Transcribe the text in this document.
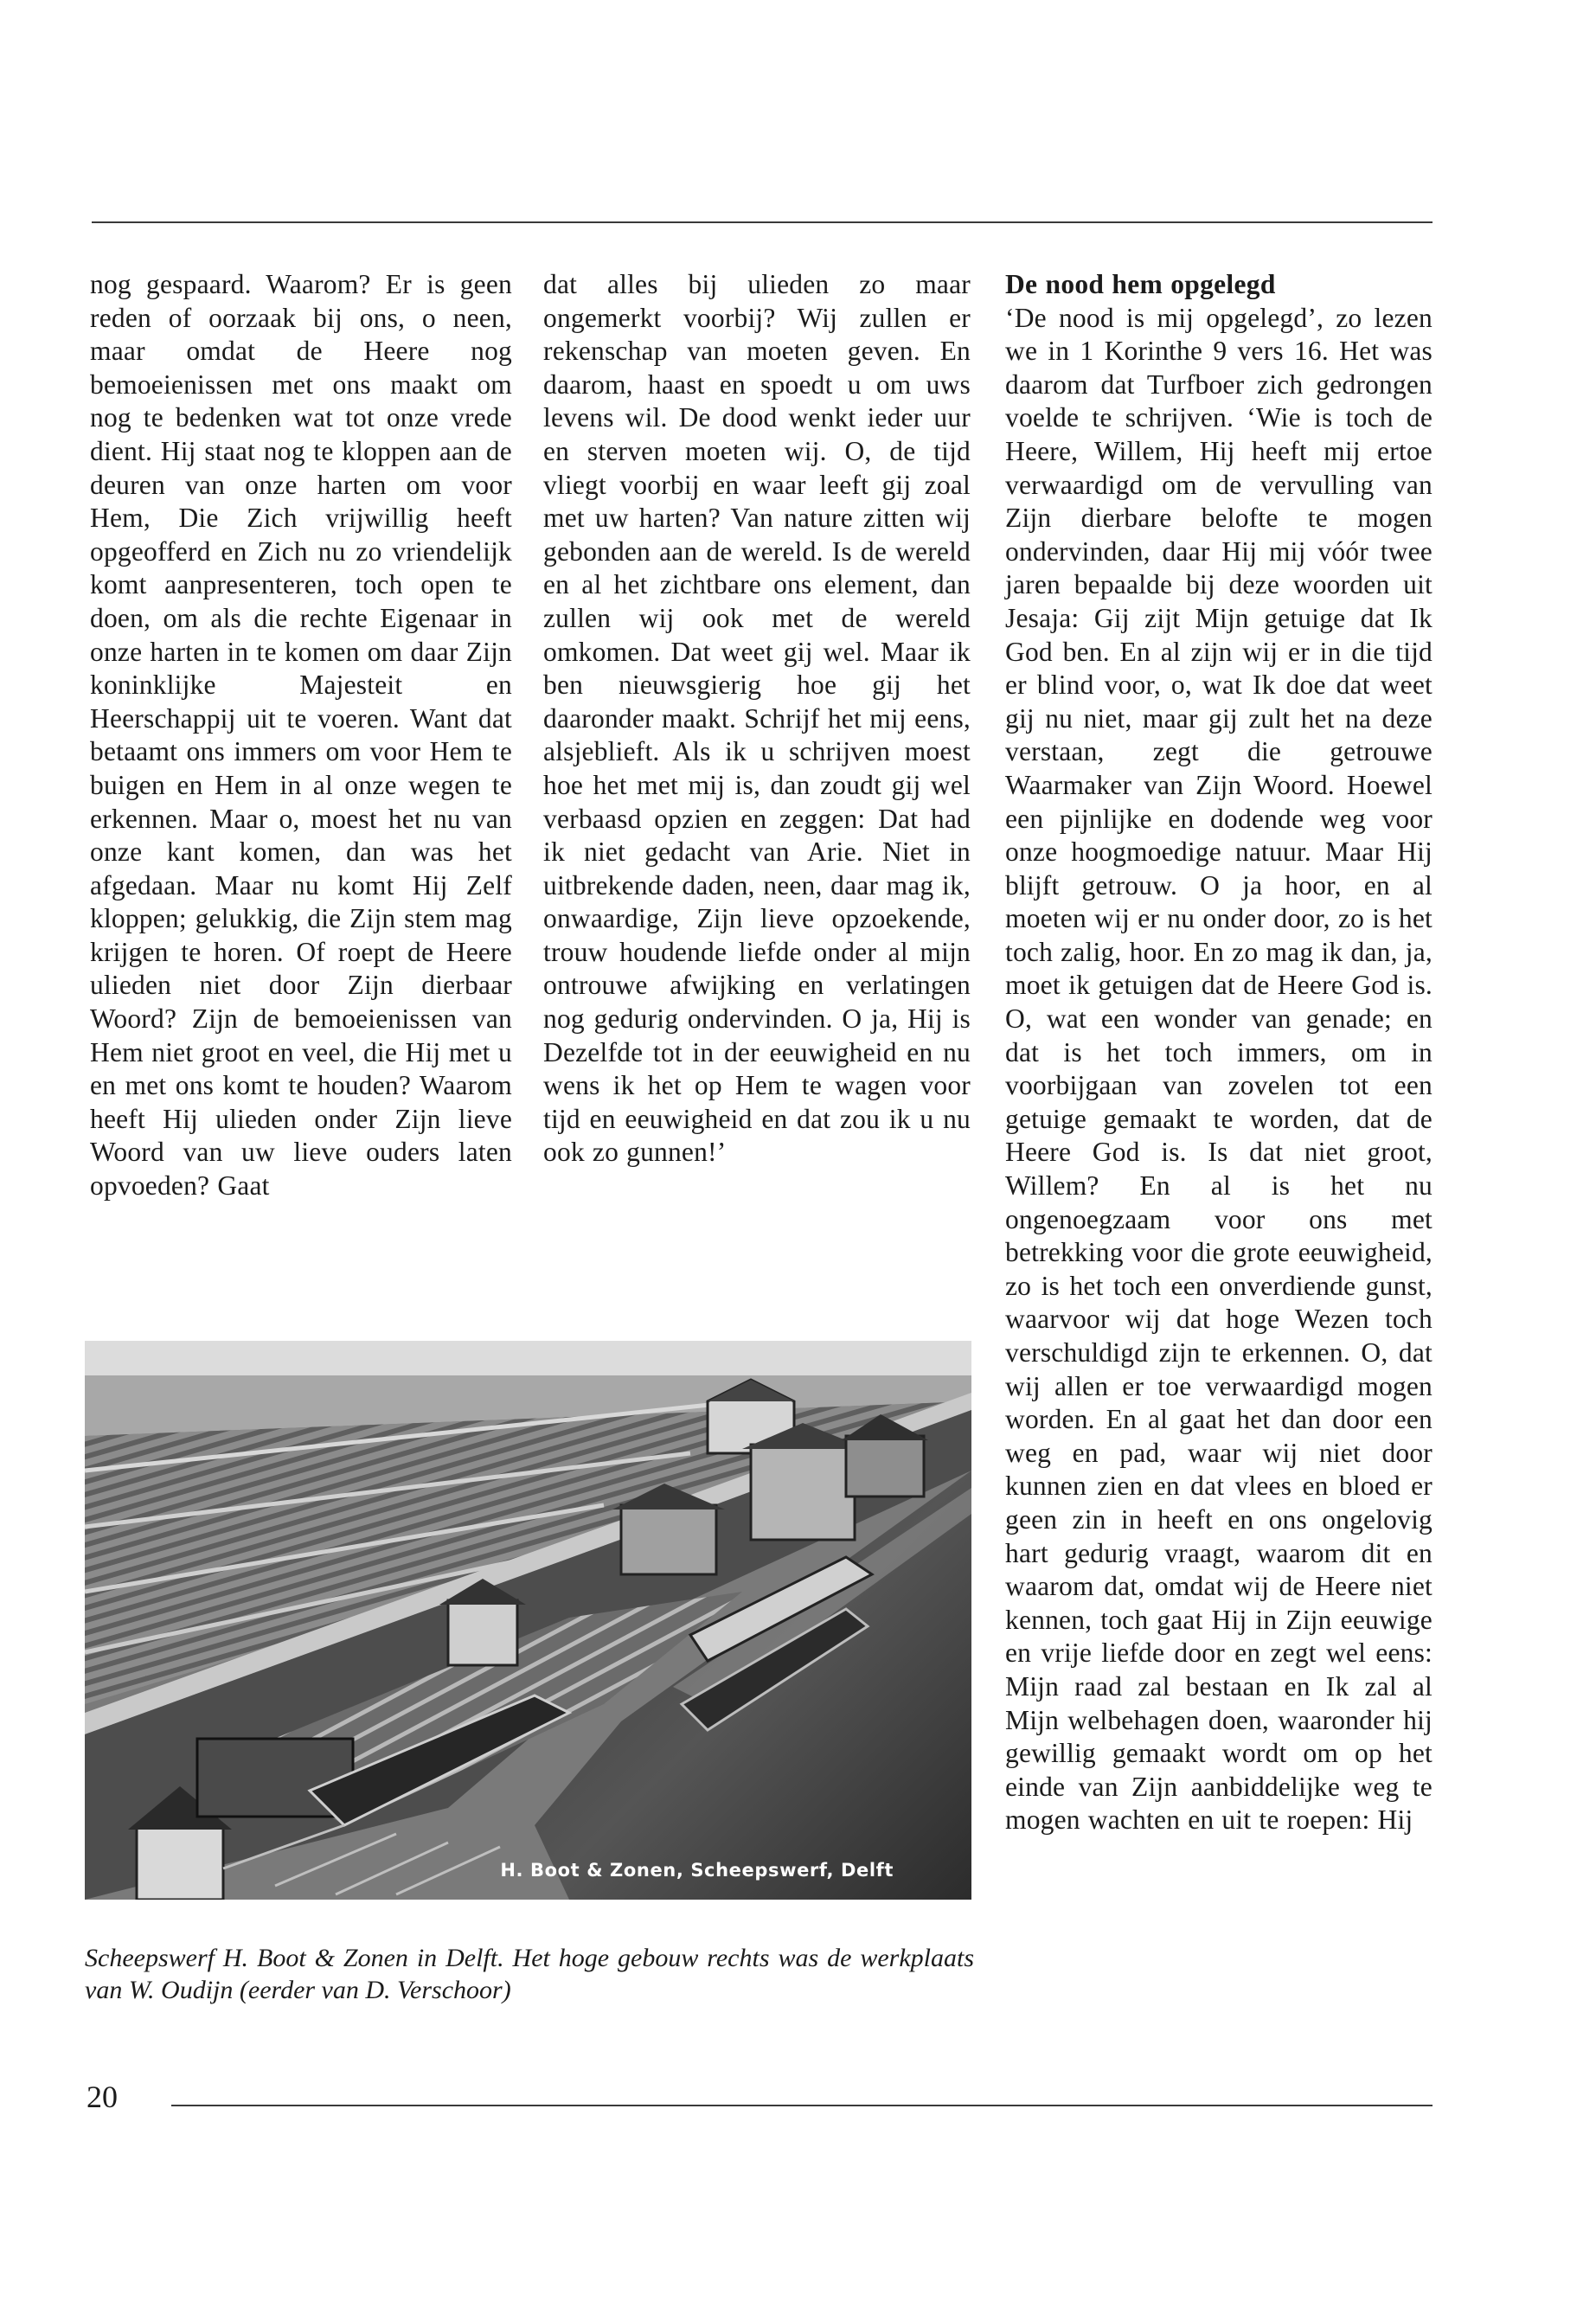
nog gespaard. Waarom? Er is geen reden of oorzaak bij ons, o neen, maar omdat de Heere nog bemoeienissen met ons maakt om nog te bedenken wat tot onze vrede dient. Hij staat nog te kloppen aan de deuren van onze harten om voor Hem, Die Zich vrijwillig heeft opgeofferd en Zich nu zo vriendelijk komt aanpresenteren, toch open te doen, om als die rechte Eigenaar in onze harten in te komen om daar Zijn koninklijke Majesteit en Heerschappij uit te voeren. Want dat betaamt ons immers om voor Hem te buigen en Hem in al onze wegen te erkennen. Maar o, moest het nu van onze kant komen, dan was het afgedaan. Maar nu komt Hij Zelf kloppen; gelukkig, die Zijn stem mag krijgen te horen. Of roept de Heere ulieden niet door Zijn dierbaar Woord? Zijn de bemoeienissen van Hem niet groot en veel, die Hij met u en met ons komt te houden? Waarom heeft Hij ulieden onder Zijn lieve Woord van uw lieve ouders laten opvoeden? Gaat

dat alles bij ulieden zo maar ongemerkt voorbij? Wij zullen er rekenschap van moeten geven. En daarom, haast en spoedt u om uws levens wil. De dood wenkt ieder uur en sterven moeten wij. O, de tijd vliegt voorbij en waar leeft gij zoal met uw harten? Van nature zitten wij gebonden aan de wereld. Is de wereld en al het zichtbare ons element, dan zullen wij ook met de wereld omkomen. Dat weet gij wel. Maar ik ben nieuwsgierig hoe gij het daaronder maakt. Schrijf het mij eens, alsjeblieft. Als ik u schrijven moest hoe het met mij is, dan zoudt gij wel verbaasd opzien en zeggen: Dat had ik niet gedacht van Arie. Niet in uitbrekende daden, neen, daar mag ik, onwaardige, Zijn lieve opzoekende, trouw houdende liefde onder al mijn ontrouwe afwijking en verlatingen nog gedurig ondervinden. O ja, Hij is Dezelfde tot in der eeuwigheid en nu wens ik het op Hem te wagen voor tijd en eeuwigheid en dat zou ik u nu ook zo gunnen!’

De nood hem opgelegd

‘De nood is mij opgelegd’, zo lezen we in 1 Korinthe 9 vers 16. Het was daarom dat Turfboer zich gedrongen voelde te schrijven. ‘Wie is toch de Heere, Willem, Hij heeft mij ertoe verwaardigd om de vervulling van Zijn dierbare belofte te mogen ondervinden, daar Hij mij vóór twee jaren bepaalde bij deze woorden uit Jesaja: Gij zijt Mijn getuige dat Ik God ben. En al zijn wij er in die tijd er blind voor, o, wat Ik doe dat weet gij nu niet, maar gij zult het na deze verstaan, zegt die getrouwe Waarmaker van Zijn Woord. Hoewel een pijnlijke en dodende weg voor onze hoogmoedige natuur. Maar Hij blijft getrouw. O ja hoor, en al moeten wij er nu onder door, zo is het toch zalig, hoor. En zo mag ik dan, ja, moet ik getuigen dat de Heere God is. O, wat een wonder van genade; en dat is het toch immers, om in voorbijgaan van zovelen tot een getuige gemaakt te worden, dat de Heere God is. Is dat niet groot, Willem? En al is het nu ongenoegzaam voor ons met betrekking voor die grote eeuwigheid, zo is het toch een onverdiende gunst, waarvoor wij dat hoge Wezen toch verschuldigd zijn te erkennen. O, dat wij allen er toe verwaardigd mogen worden. En al gaat het dan door een weg en pad, waar wij niet door kunnen zien en dat vlees en bloed er geen zin in heeft en ons ongelovig hart gedurig vraagt, waarom dit en waarom dat, omdat wij de Heere niet kennen, toch gaat Hij in Zijn eeuwige en vrije liefde door en zegt wel eens: Mijn raad zal bestaan en Ik zal al Mijn welbehagen doen, waaronder hij gewillig gemaakt wordt om op het einde van Zijn aanbiddelijke weg te mogen wachten en uit te roepen: Hij

H. Boot & Zonen, Scheepswerf, Delft
Scheepswerf H. Boot & Zonen in Delft. Het hoge gebouw rechts was de werkplaats van W. Oudijn (eerder van D. Verschoor)
20
